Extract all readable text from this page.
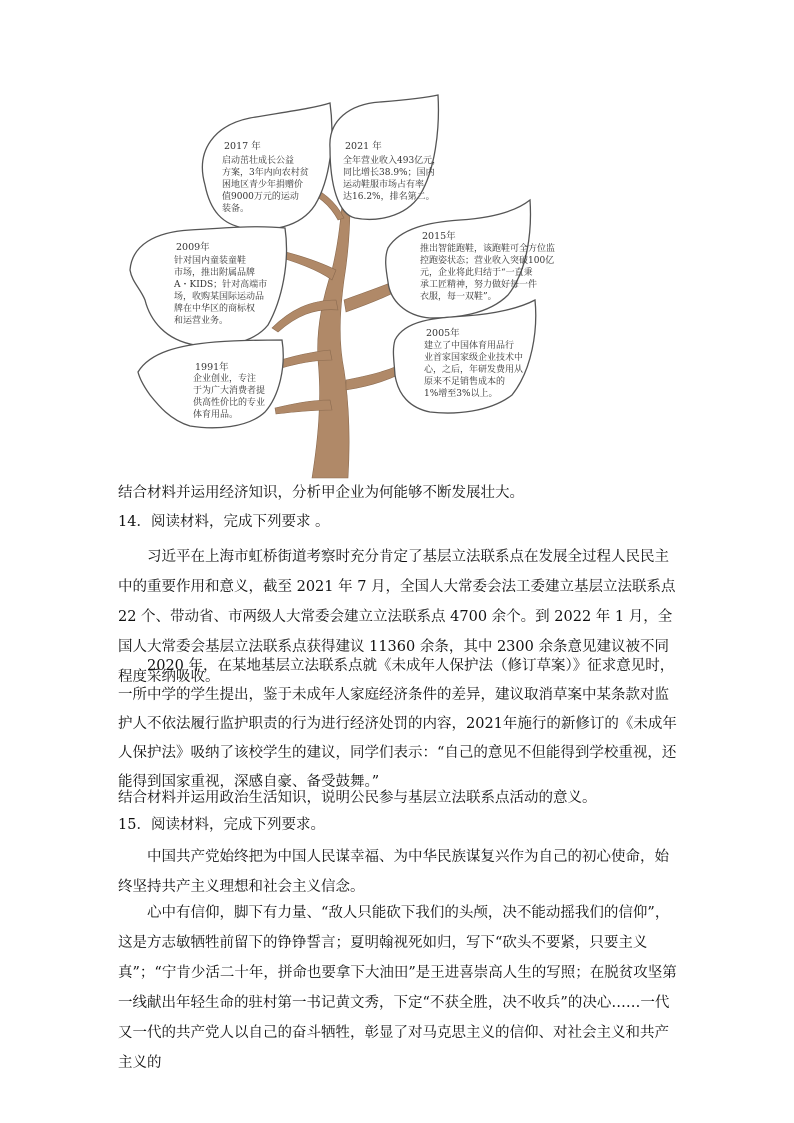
2017 年
启动茁壮成长公益
方案，3年内向农村贫
困地区青少年捐赠价
值9000万元的运动
装备。
2021 年
全年营业收入493亿元，
同比增长38.9%；国内
运动鞋服市场占有率
达16.2%，排名第二。
2009年
针对国内童装童鞋
市场，推出附属品牌
A・KIDS；针对高端市
场，收购某国际运动品
牌在中华区的商标权
和运营业务。
2015年
推出智能跑鞋，该跑鞋可全方位监
控跑姿状态；营业收入突破100亿
元，企业将此归结于“一直秉
承工匠精神，努力做好每一件
衣服，每一双鞋”。
2005年
建立了中国体育用品行
业首家国家级企业技术中
心，之后，年研发费用从
原来不足销售成本的
1%增至3%以上。
1991年
企业创业，专注
于为广大消费者提
供高性价比的专业
体育用品。
结合材料并运用经济知识，分析甲企业为何能够不断发展壮大。
14．阅读材料，完成下列要求 。
习近平在上海市虹桥街道考察时充分肯定了基层立法联系点在发展全过程人民民主中的重要作用和意义，截至 2021 年 7 月，全国人大常委会法工委建立基层立法联系点 22 个、带动省、市两级人大常委会建立立法联系点 4700 余个。到 2022 年 1 月，全国人大常委会基层立法联系点获得建议 11360 余条，其中 2300 余条意见建议被不同程度采纳吸收。
2020 年，在某地基层立法联系点就《未成年人保护法（修订草案）》征求意见时，一所中学的学生提出，鉴于未成年人家庭经济条件的差异，建议取消草案中某条款对监护人不依法履行监护职责的行为进行经济处罚的内容，2021年施行的新修订的《未成年人保护法》吸纳了该校学生的建议，同学们表示：“自己的意见不但能得到学校重视，还能得到国家重视，深感自豪、备受鼓舞。”
结合材料并运用政治生活知识，说明公民参与基层立法联系点活动的意义。
15．阅读材料，完成下列要求。
中国共产党始终把为中国人民谋幸福、为中华民族谋复兴作为自己的初心使命，始终坚持共产主义理想和社会主义信念。
心中有信仰，脚下有力量、“敌人只能砍下我们的头颅，决不能动摇我们的信仰”，这是方志敏牺牲前留下的铮铮誓言；夏明翰视死如归，写下“砍头不要紧，只要主义真”；“宁肯少活二十年，拼命也要拿下大油田”是王进喜崇高人生的写照；在脱贫攻坚第一线献出年轻生命的驻村第一书记黄文秀，下定“不获全胜，决不收兵”的决心……一代又一代的共产党人以自己的奋斗牺牲，彰显了对马克思主义的信仰、对社会主义和共产主义的
